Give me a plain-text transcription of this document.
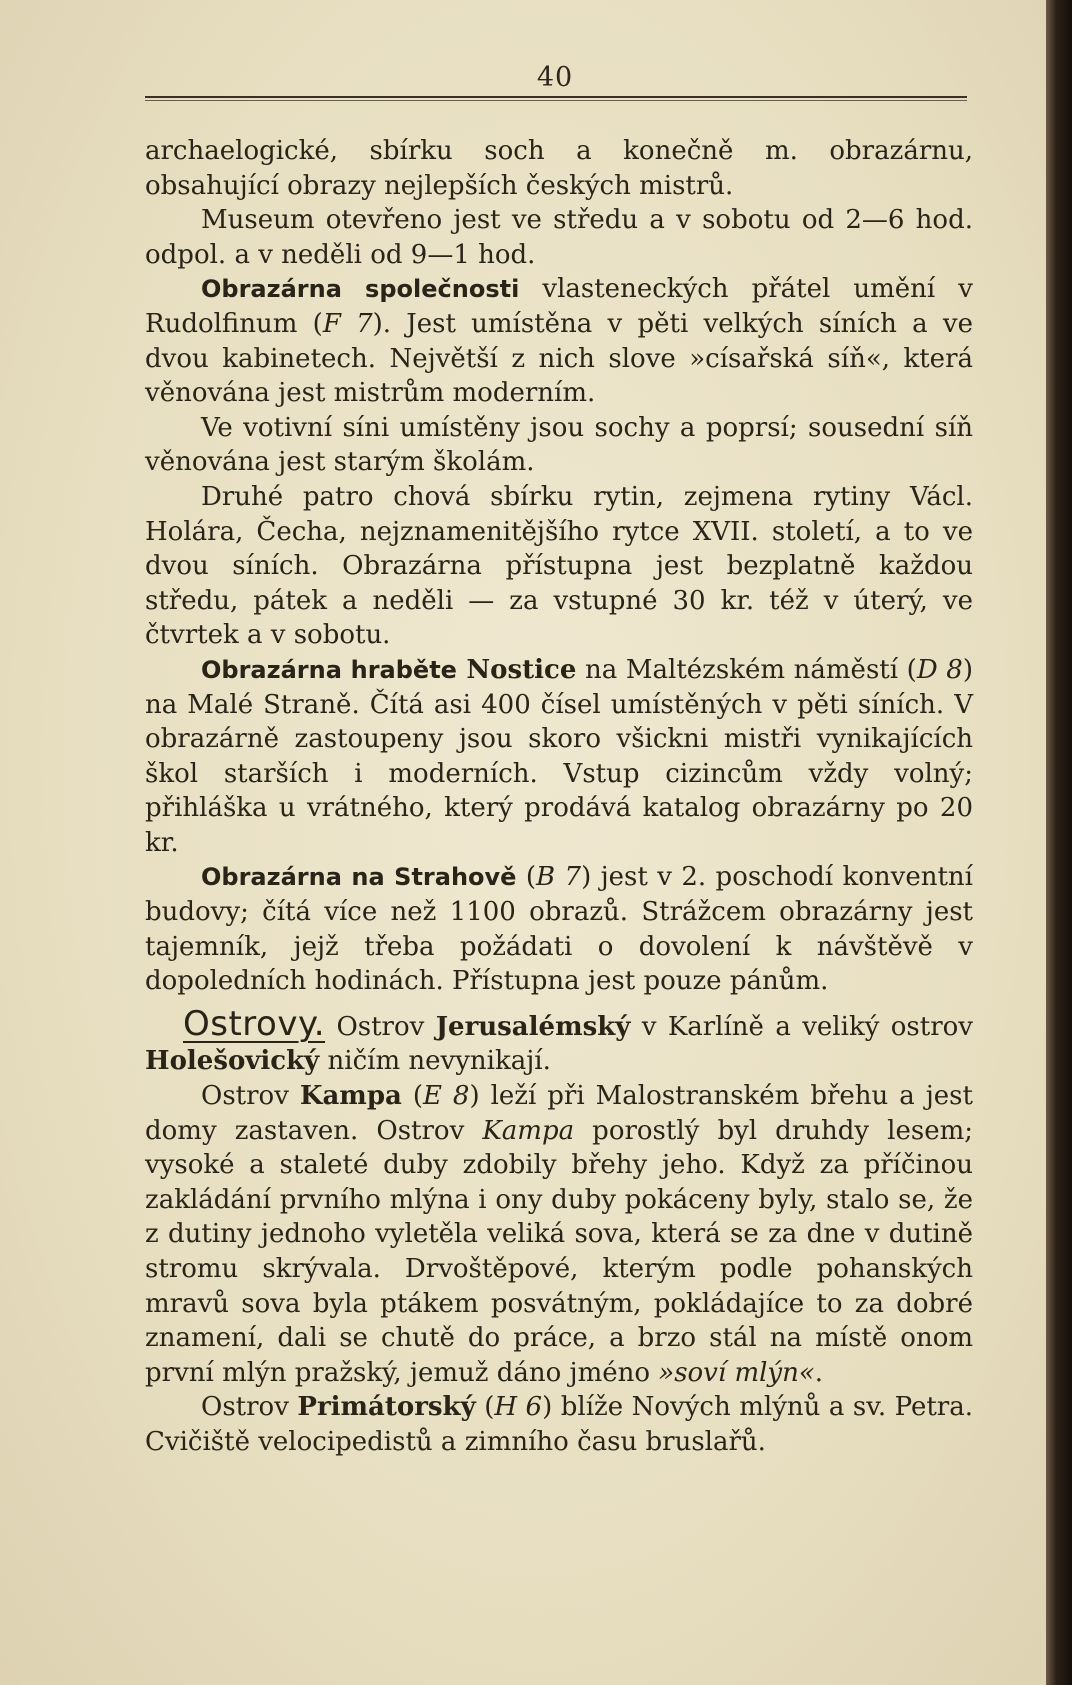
40

archaelogické, sbírku soch a konečně m. obrazárnu, obsahující obrazy nejlepších českých mistrů.

Museum otevřeno jest ve středu a v sobotu od 2—6 hod. odpol. a v neděli od 9—1 hod.

Obrazárna společnosti vlasteneckých přátel umění v Rudolfinum (F 7). Jest umístěna v pěti velkých síních a ve dvou kabinetech. Největší z nich slove »císařská síň«, která věnována jest mistrům moderním.

Ve votivní síni umístěny jsou sochy a poprsí; sousední síň věnována jest starým školám.

Druhé patro chová sbírku rytin, zejmena rytiny Václ. Holára, Čecha, nejznamenitějšího rytce XVII. století, a to ve dvou síních. Obrazárna přístupna jest bezplatně každou středu, pátek a neděli — za vstupné 30 kr. též v úterý, ve čtvrtek a v sobotu.

Obrazárna hraběte Nostice na Maltézském náměstí (D 8) na Malé Straně. Čítá asi 400 čísel umístěných v pěti síních. V obrazárně zastoupeny jsou skoro všickni mistři vynikajících škol starších i moderních. Vstup cizincům vždy volný; přihláška u vrátného, který prodává katalog obrazárny po 20 kr.

Obrazárna na Strahově (B 7) jest v 2. poschodí konventní budovy; čítá více než 1100 obrazů. Strážcem obrazárny jest tajemník, jejž třeba požádati o dovolení k návštěvě v dopoledních hodinách. Přístupna jest pouze pánům.

Ostrovy. Ostrov Jerusalémský v Karlíně a veliký ostrov Holešovický ničím nevynikají.

Ostrov Kampa (E 8) leží při Malostranském břehu a jest domy zastaven. Ostrov Kampa porostlý byl druhdy lesem; vysoké a staleté duby zdobily břehy jeho. Když za příčinou zakládání prvního mlýna i ony duby pokáceny byly, stalo se, že z dutiny jednoho vyletěla veliká sova, která se za dne v dutině stromu skrývala. Drvoštěpové, kterým podle pohanských mravů sova byla ptákem posvátným, pokládajíce to za dobré znamení, dali se chutě do práce, a brzo stál na místě onom první mlýn pražský, jemuž dáno jméno »soví mlýn«.

Ostrov Primátorský (H 6) blíže Nových mlýnů a sv. Petra. Cvičiště velocipedistů a zimního času bruslařů.
